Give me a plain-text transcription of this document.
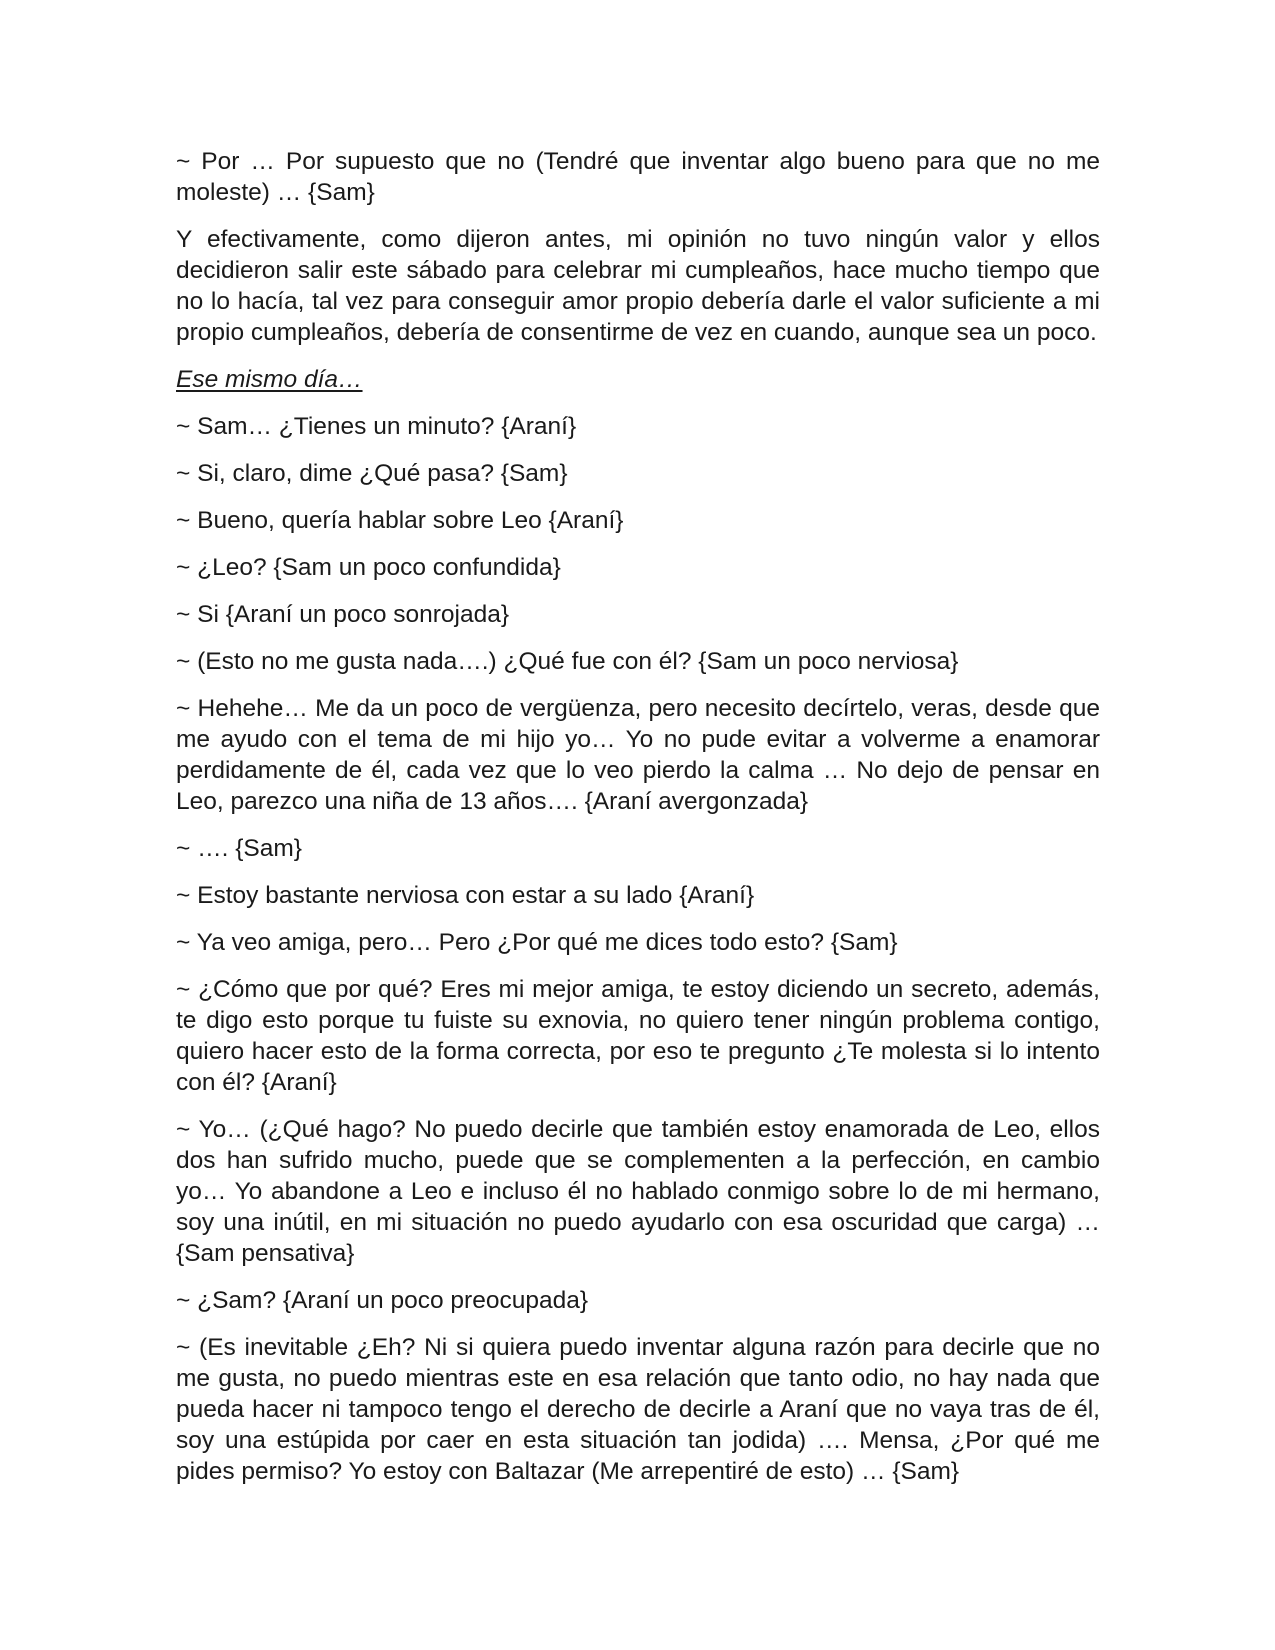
~ Por … Por supuesto que no (Tendré que inventar algo bueno para que no me moleste) … {Sam}

Y efectivamente, como dijeron antes, mi opinión no tuvo ningún valor y ellos decidieron salir este sábado para celebrar mi cumpleaños, hace mucho tiempo que no lo hacía, tal vez para conseguir amor propio debería darle el valor suficiente a mi propio cumpleaños, debería de consentirme de vez en cuando, aunque sea un poco.

Ese mismo día…

~ Sam… ¿Tienes un minuto? {Araní}

~ Si, claro, dime ¿Qué pasa? {Sam}

~ Bueno, quería hablar sobre Leo {Araní}

~ ¿Leo? {Sam un poco confundida}

~ Si {Araní un poco sonrojada}

~ (Esto no me gusta nada….) ¿Qué fue con él? {Sam un poco nerviosa}

~ Hehehe… Me da un poco de vergüenza, pero necesito decírtelo, veras, desde que me ayudo con el tema de mi hijo yo… Yo no pude evitar a volverme a enamorar perdidamente de él, cada vez que lo veo pierdo la calma … No dejo de pensar en Leo, parezco una niña de 13 años…. {Araní avergonzada}

~ …. {Sam}

~ Estoy bastante nerviosa con estar a su lado {Araní}

~ Ya veo amiga, pero… Pero ¿Por qué me dices todo esto? {Sam}

~ ¿Cómo que por qué? Eres mi mejor amiga, te estoy diciendo un secreto, además, te digo esto porque tu fuiste su exnovia, no quiero tener ningún problema contigo, quiero hacer esto de la forma correcta, por eso te pregunto ¿Te molesta si lo intento con él? {Araní}

~ Yo… (¿Qué hago? No puedo decirle que también estoy enamorada de Leo, ellos dos han sufrido mucho, puede que se complementen a la perfección, en cambio yo… Yo abandone a Leo e incluso él no hablado conmigo sobre lo de mi hermano, soy una inútil, en mi situación no puedo ayudarlo con esa oscuridad que carga) … {Sam pensativa}

~ ¿Sam? {Araní un poco preocupada}

~ (Es inevitable ¿Eh? Ni si quiera puedo inventar alguna razón para decirle que no me gusta, no puedo mientras este en esa relación que tanto odio, no hay nada que pueda hacer ni tampoco tengo el derecho de decirle a Araní que no vaya tras de él, soy una estúpida por caer en esta situación tan jodida) …. Mensa, ¿Por qué me pides permiso? Yo estoy con Baltazar (Me arrepentiré de esto) … {Sam}
